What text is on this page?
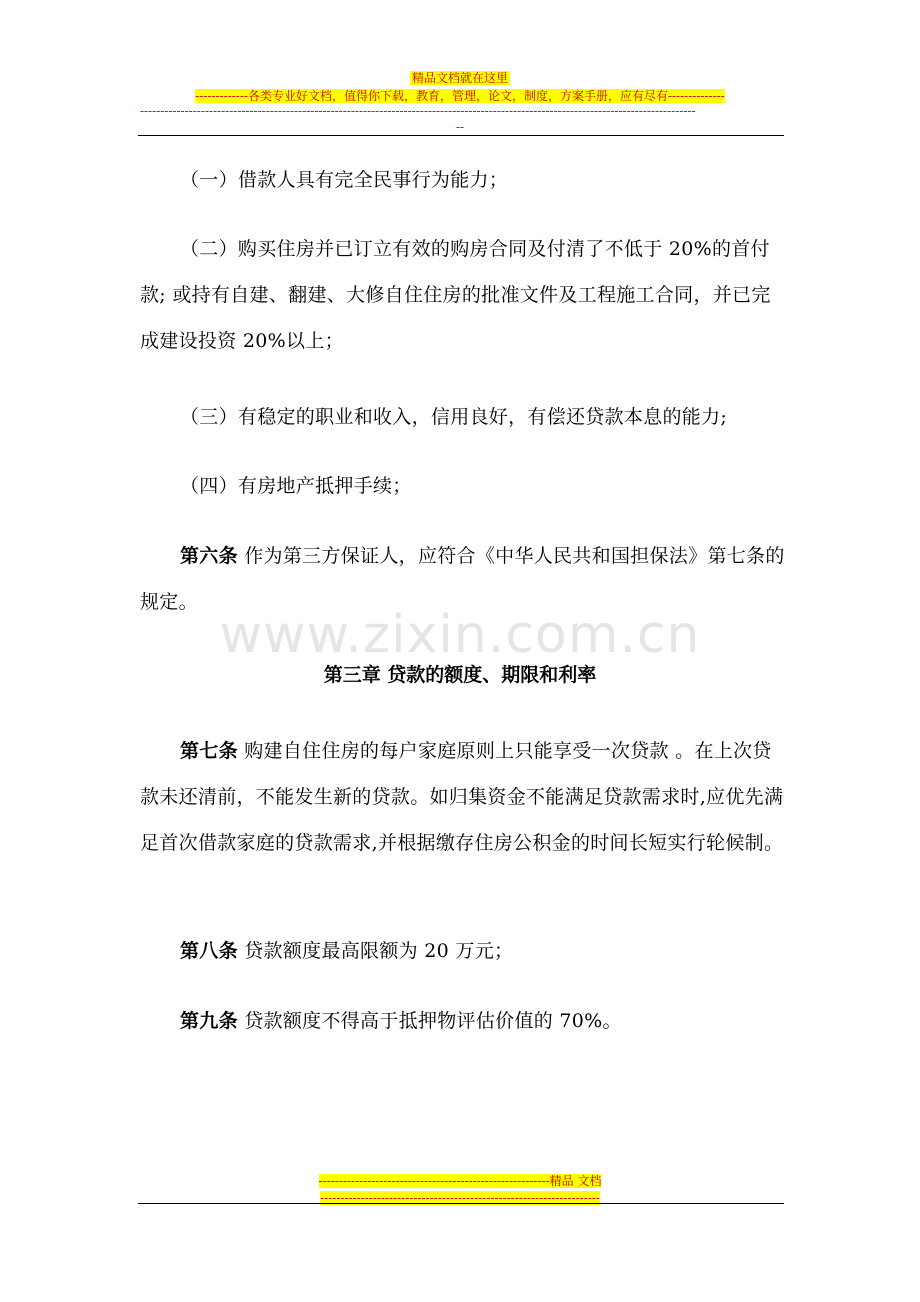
精品文档就在这里
-------------各类专业好文档，值得你下载，教育，管理，论文，制度，方案手册，应有尽有--------------
-----------------------------------------------------------------------------------------------------------------------------------------
--

（一）借款人具有完全民事行为能力；

（二）购买住房并已订立有效的购房合同及付清了不低于 20%的首付款; 或持有自建、翻建、大修自住住房的批准文件及工程施工合同，并已完成建设投资 20%以上；

（三）有稳定的职业和收入，信用良好，有偿还贷款本息的能力;

（四）有房地产抵押手续；

第六条 作为第三方保证人，应符合《中华人民共和国担保法》第七条的规定。

www.zixin.com.cn
第三章 贷款的额度、期限和利率

第七条 购建自住住房的每户家庭原则上只能享受一次贷款 。在上次贷款未还清前，不能发生新的贷款。如归集资金不能满足贷款需求时,应优先满足首次借款家庭的贷款需求,并根据缴存住房公积金的时间长短实行轮候制。

第八条 贷款额度最高限额为 20 万元；

第九条 贷款额度不得高于抵押物评估价值的 70%。

---------------------------------------------------------精品 文档
---------------------------------------------------------------------
